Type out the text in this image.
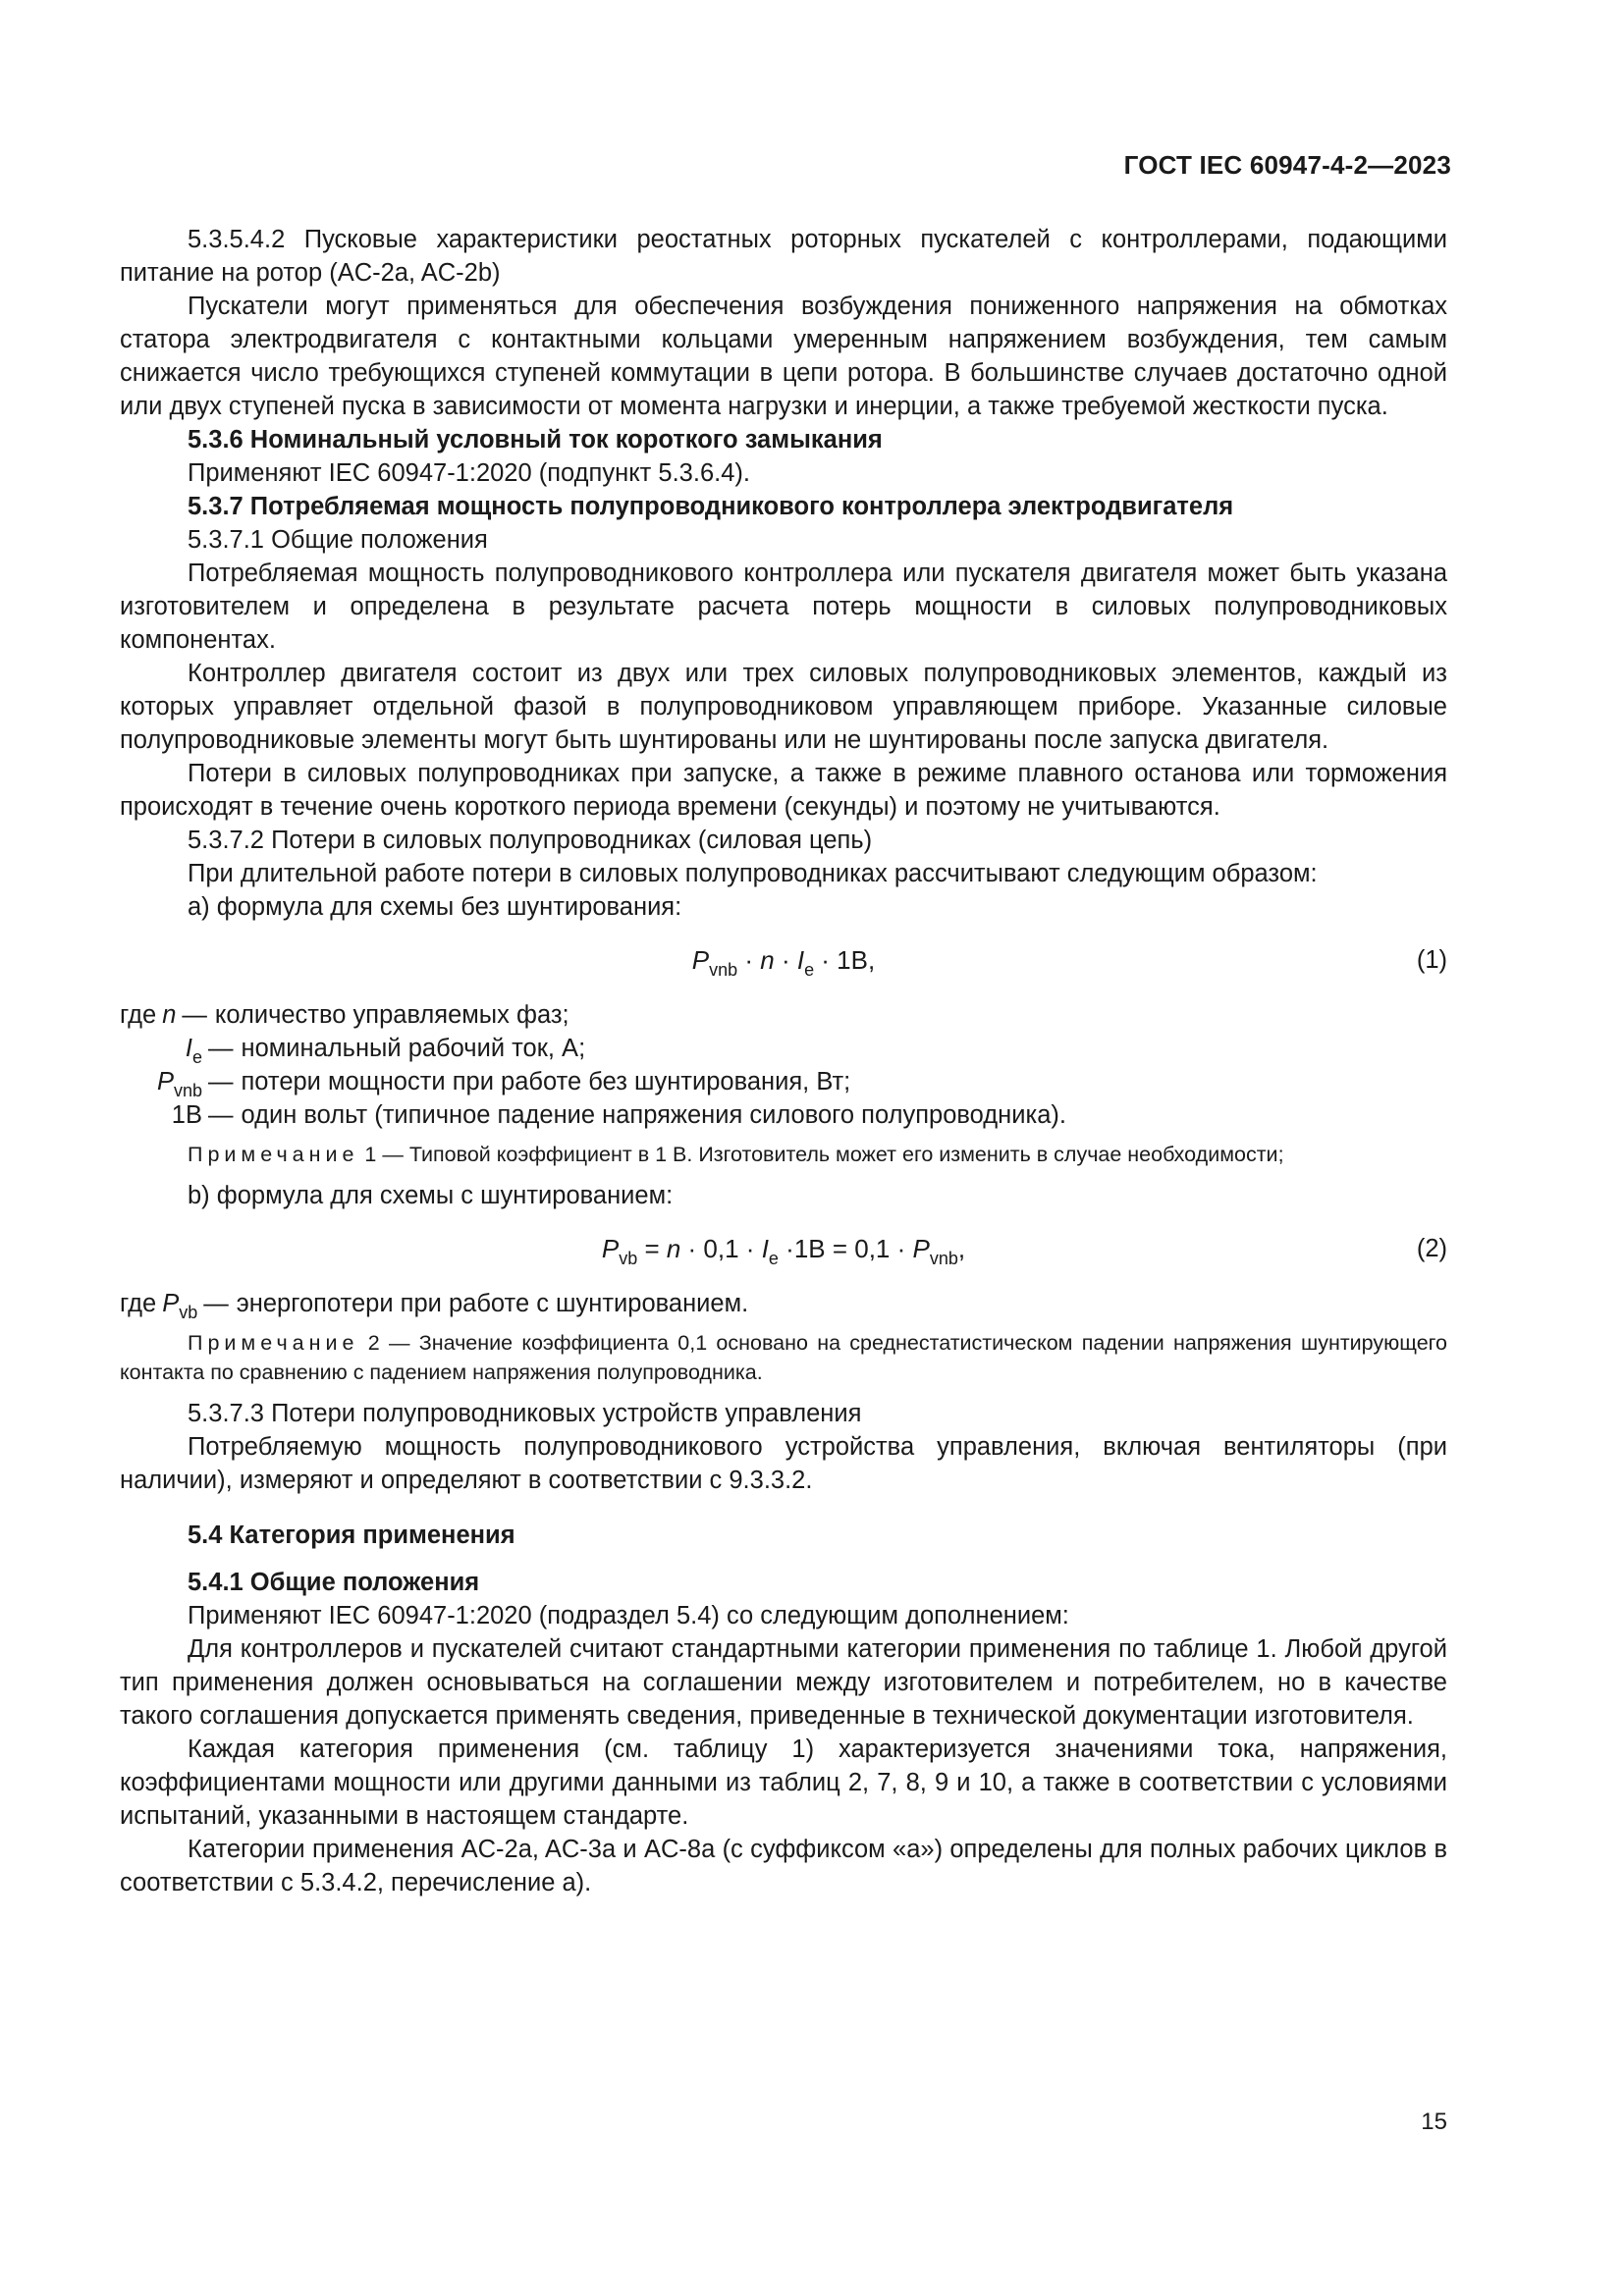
ГОСТ IEC 60947-4-2—2023

5.3.5.4.2 Пусковые характеристики реостатных роторных пускателей с контроллерами, подающими питание на ротор (AC-2a, AC-2b)

Пускатели могут применяться для обеспечения возбуждения пониженного напряжения на обмотках статора электродвигателя с контактными кольцами умеренным напряжением возбуждения, тем самым снижается число требующихся ступеней коммутации в цепи ротора. В большинстве случаев достаточно одной или двух ступеней пуска в зависимости от момента нагрузки и инерции, а также требуемой жесткости пуска.

5.3.6 Номинальный условный ток короткого замыкания

Применяют IEC 60947-1:2020 (подпункт 5.3.6.4).

5.3.7 Потребляемая мощность полупроводникового контроллера электродвигателя

5.3.7.1 Общие положения

Потребляемая мощность полупроводникового контроллера или пускателя двигателя может быть указана изготовителем и определена в результате расчета потерь мощности в силовых полупроводниковых компонентах.

Контроллер двигателя состоит из двух или трех силовых полупроводниковых элементов, каждый из которых управляет отдельной фазой в полупроводниковом управляющем приборе. Указанные силовые полупроводниковые элементы могут быть шунтированы или не шунтированы после запуска двигателя.

Потери в силовых полупроводниках при запуске, а также в режиме плавного останова или торможения происходят в течение очень короткого периода времени (секунды) и поэтому не учитываются.

5.3.7.2 Потери в силовых полупроводниках (силовая цепь)

При длительной работе потери в силовых полупроводниках рассчитывают следующим образом:

a) формула для схемы без шунтирования:

$P_{vnb} \cdot n \cdot I_e \cdot 1В$,	(1)
где n — количество управляемых фаз;
$I_e$ — номинальный рабочий ток, А;
$P_{vnb}$ — потери мощности при работе без шунтирования, Вт;
1В — один вольт (типичное падение напряжения силового полупроводника).

Примечание 1 — Типовой коэффициент в 1 В. Изготовитель может его изменить в случае необходимости;

b) формула для схемы с шунтированием:

$P_{vb} = n \cdot 0,1 \cdot I_e \cdot 1В = 0,1 \cdot P_{vnb}$,	(2)
где $P_{vb}$ — энергопотери при работе с шунтированием.

Примечание 2 — Значение коэффициента 0,1 основано на среднестатистическом падении напряжения шунтирующего контакта по сравнению с падением напряжения полупроводника.

5.3.7.3 Потери полупроводниковых устройств управления

Потребляемую мощность полупроводникового устройства управления, включая вентиляторы (при наличии), измеряют и определяют в соответствии с 9.3.3.2.

5.4 Категория применения

5.4.1 Общие положения

Применяют IEC 60947-1:2020 (подраздел 5.4) со следующим дополнением:

Для контроллеров и пускателей считают стандартными категории применения по таблице 1. Любой другой тип применения должен основываться на соглашении между изготовителем и потребителем, но в качестве такого соглашения допускается применять сведения, приведенные в технической документации изготовителя.

Каждая категория применения (см. таблицу 1) характеризуется значениями тока, напряжения, коэффициентами мощности или другими данными из таблиц 2, 7, 8, 9 и 10, а также в соответствии с условиями испытаний, указанными в настоящем стандарте.

Категории применения AC-2a, AC-3a и AC-8a (с суффиксом «а») определены для полных рабочих циклов в соответствии с 5.3.4.2, перечисление a).

15
